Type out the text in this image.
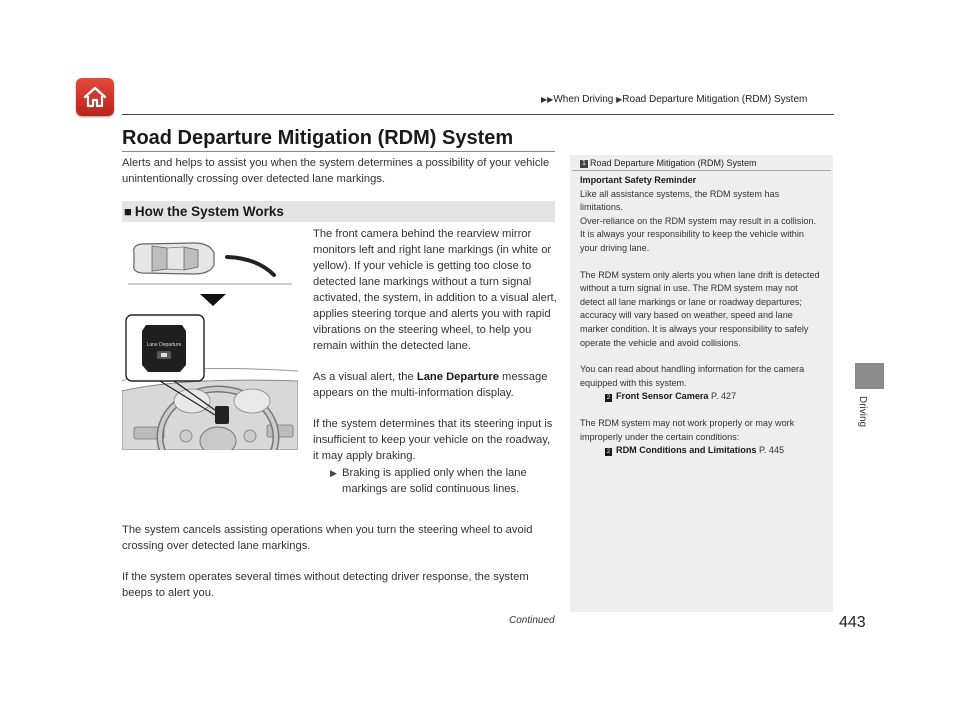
▶▶When Driving ▶Road Departure Mitigation (RDM) System
Road Departure Mitigation (RDM) System

Alerts and helps to assist you when the system determines a possibility of your vehicle unintentionally crossing over detected lane markings.

■ How the System Works
Lane Departure

The front camera behind the rearview mirror monitors left and right lane markings (in white or yellow). If your vehicle is getting too close to detected lane markings without a turn signal activated, the system, in addition to a visual alert, applies steering torque and alerts you with rapid vibrations on the steering wheel, to help you remain within the detected lane.

As a visual alert, the Lane Departure message appears on the multi-information display.

If the system determines that its steering input is insufficient to keep your vehicle on the roadway, it may apply braking.

▶ Braking is applied only when the lane markings are solid continuous lines.

The system cancels assisting operations when you turn the steering wheel to avoid crossing over detected lane markings.

If the system operates several times without detecting driver response, the system beeps to alert you.

Continued	443
Driving
1 Road Departure Mitigation (RDM) System

Important Safety Reminder
Like all assistance systems, the RDM system has limitations.
Over-reliance on the RDM system may result in a collision. It is always your responsibility to keep the vehicle within your driving lane.

The RDM system only alerts you when lane drift is detected without a turn signal in use. The RDM system may not detect all lane markings or lane or roadway departures; accuracy will vary based on weather, speed and lane marker condition. It is always your responsibility to safely operate the vehicle and avoid collisions.

You can read about handling information for the camera equipped with this system.
2 Front Sensor Camera P. 427

The RDM system may not work properly or may work improperly under the certain conditions:
2 RDM Conditions and Limitations P. 445
